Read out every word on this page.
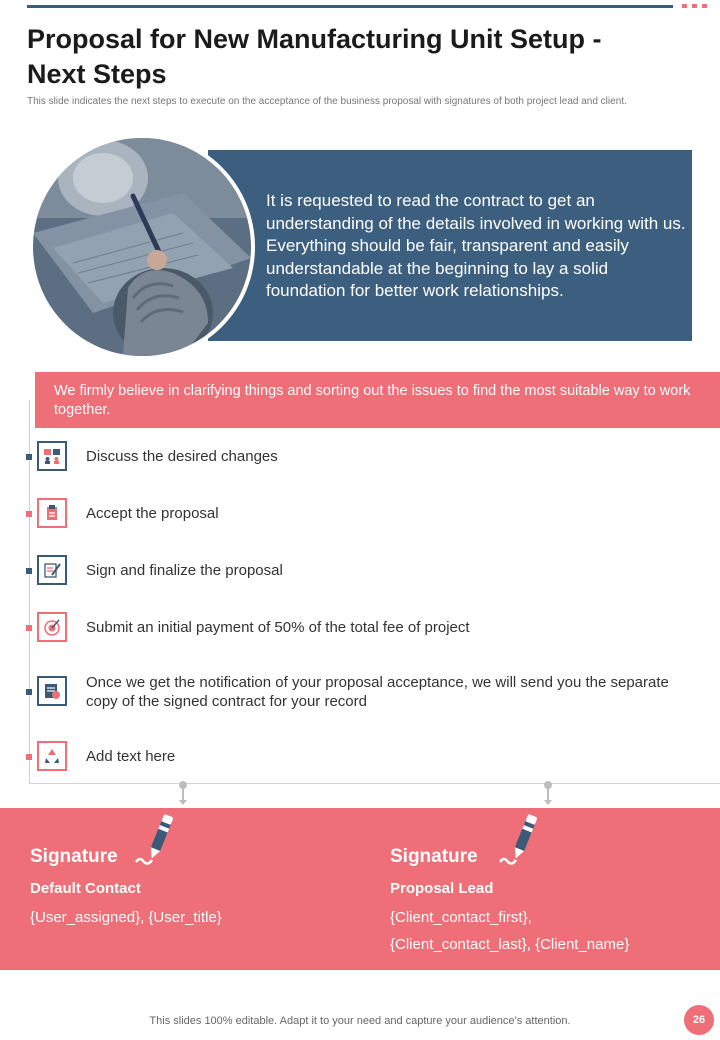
Proposal for New Manufacturing Unit Setup - Next Steps

This slide indicates the next steps to execute on the acceptance of the business proposal with signatures of both project lead and client.

It is requested to read the contract to get an understanding of the details involved in working with us. Everything should be fair, transparent and easily understandable at the beginning to lay a solid foundation for better work relationships.

We firmly believe in clarifying things and sorting out the issues to find the most suitable way to work together.

Discuss the desired changes

Accept the proposal

Sign and finalize the proposal

Submit an initial payment of 50% of the total fee of project

Once we get the notification of your proposal acceptance, we will send you the separate copy of the signed contract for your record

Add text here

Signature
Default Contact
{User_assigned}, {User_title}
Signature
Proposal Lead
{Client_contact_first},
{Client_contact_last}, {Client_name}

This slides 100% editable. Adapt it to your need and capture your audience’s attention.	26
